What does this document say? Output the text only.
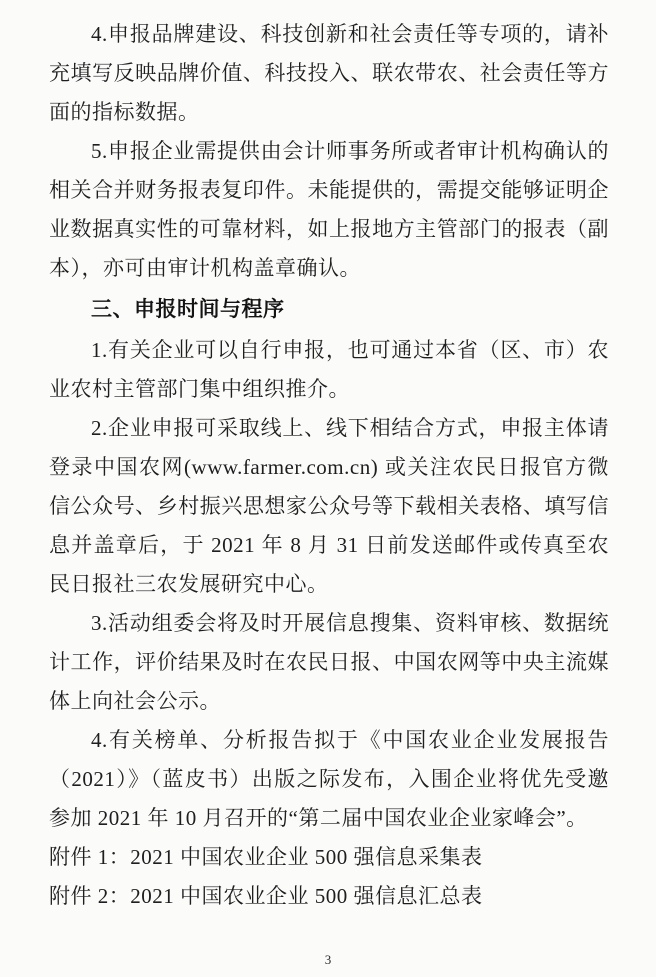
4.申报品牌建设、科技创新和社会责任等专项的，请补充填写反映品牌价值、科技投入、联农带农、社会责任等方面的指标数据。

5.申报企业需提供由会计师事务所或者审计机构确认的相关合并财务报表复印件。未能提供的，需提交能够证明企业数据真实性的可靠材料，如上报地方主管部门的报表（副本），亦可由审计机构盖章确认。

三、申报时间与程序

1.有关企业可以自行申报，也可通过本省（区、市）农业农村主管部门集中组织推介。

2.企业申报可采取线上、线下相结合方式，申报主体请登录中国农网(www.farmer.com.cn) 或关注农民日报官方微信公众号、乡村振兴思想家公众号等下载相关表格、填写信息并盖章后，于 2021 年 8 月 31 日前发送邮件或传真至农民日报社三农发展研究中心。

3.活动组委会将及时开展信息搜集、资料审核、数据统计工作，评价结果及时在农民日报、中国农网等中央主流媒体上向社会公示。

4.有关榜单、分析报告拟于《中国农业企业发展报告（2021）》（蓝皮书）出版之际发布，入围企业将优先受邀参加 2021 年 10 月召开的“第二届中国农业企业家峰会”。

附件 1：2021 中国农业企业 500 强信息采集表

附件 2：2021 中国农业企业 500 强信息汇总表

3
